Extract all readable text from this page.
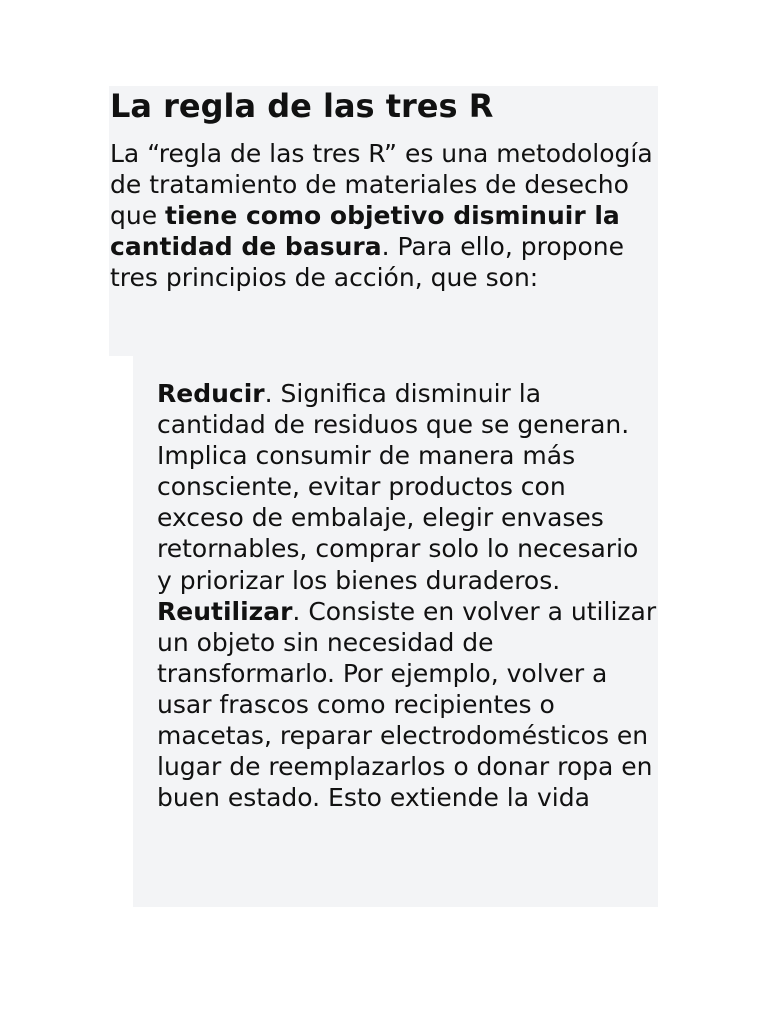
La regla de las tres R

La “regla de las tres R” es una metodología de tratamiento de materiales de desecho que tiene como objetivo disminuir la cantidad de basura. Para ello, propone tres principios de acción, que son:

Reducir. Significa disminuir la cantidad de residuos que se generan. Implica consumir de manera más consciente, evitar productos con exceso de embalaje, elegir envases retornables, comprar solo lo necesario y priorizar los bienes duraderos.
Reutilizar. Consiste en volver a utilizar un objeto sin necesidad de transformarlo. Por ejemplo, volver a usar frascos como recipientes o macetas, reparar electrodomésticos en lugar de reemplazarlos o donar ropa en buen estado. Esto extiende la vida
